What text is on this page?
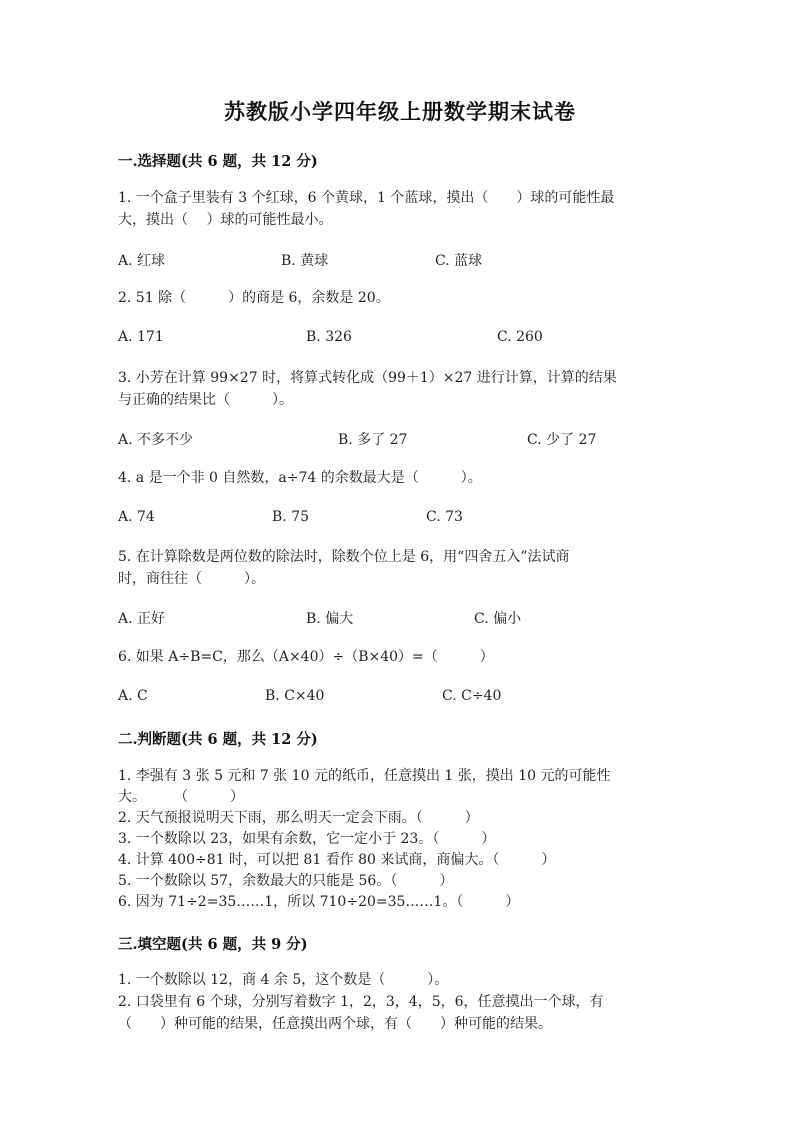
苏教版小学四年级上册数学期末试卷
一.选择题(共 6 题，共 12 分)
1. 一个盒子里装有 3 个红球，6 个黄球，1 个蓝球，摸出（　　）球的可能性最
大，摸出（　 ）球的可能性最小。
A. 红球	B. 黄球	C. 蓝球
2. 51 除（　　　）的商是 6，余数是 20。
A. 171	B. 326	C. 260
3. 小芳在计算 99×27 时，将算式转化成（99＋1）×27 进行计算，计算的结果
与正确的结果比（　　　）。
A. 不多不少	B. 多了 27	C. 少了 27
4. a 是一个非 0 自然数，a÷74 的余数最大是（　　　）。
A. 74	B. 75	C. 73
5. 在计算除数是两位数的除法时，除数个位上是 6，用“四舍五入”法试商
时，商往往（　　　）。
A. 正好	B. 偏大	C. 偏小
6. 如果 A÷B=C，那么（A×40）÷（B×40）=（　　　）
A. C	B. C×40	C. C÷40
二.判断题(共 6 题，共 12 分)
1. 李强有 3 张 5 元和 7 张 10 元的纸币，任意摸出 1 张，摸出 10 元的可能性
大。　　　（　　　）
2. 天气预报说明天下雨，那么明天一定会下雨。（　　　）
3. 一个数除以 23，如果有余数，它一定小于 23。（　　　）
4. 计算 400÷81 时，可以把 81 看作 80 来试商，商偏大。（　　　）
5. 一个数除以 57，余数最大的只能是 56。（　　　）
6. 因为 71÷2=35……1，所以 710÷20=35……1。（　　　）
三.填空题(共 6 题，共 9 分)
1. 一个数除以 12，商 4 余 5，这个数是（　　　）。
2. 口袋里有 6 个球，分别写着数字 1，2，3，4，5，6，任意摸出一个球，有
（　　）种可能的结果，任意摸出两个球，有（　　）种可能的结果。
